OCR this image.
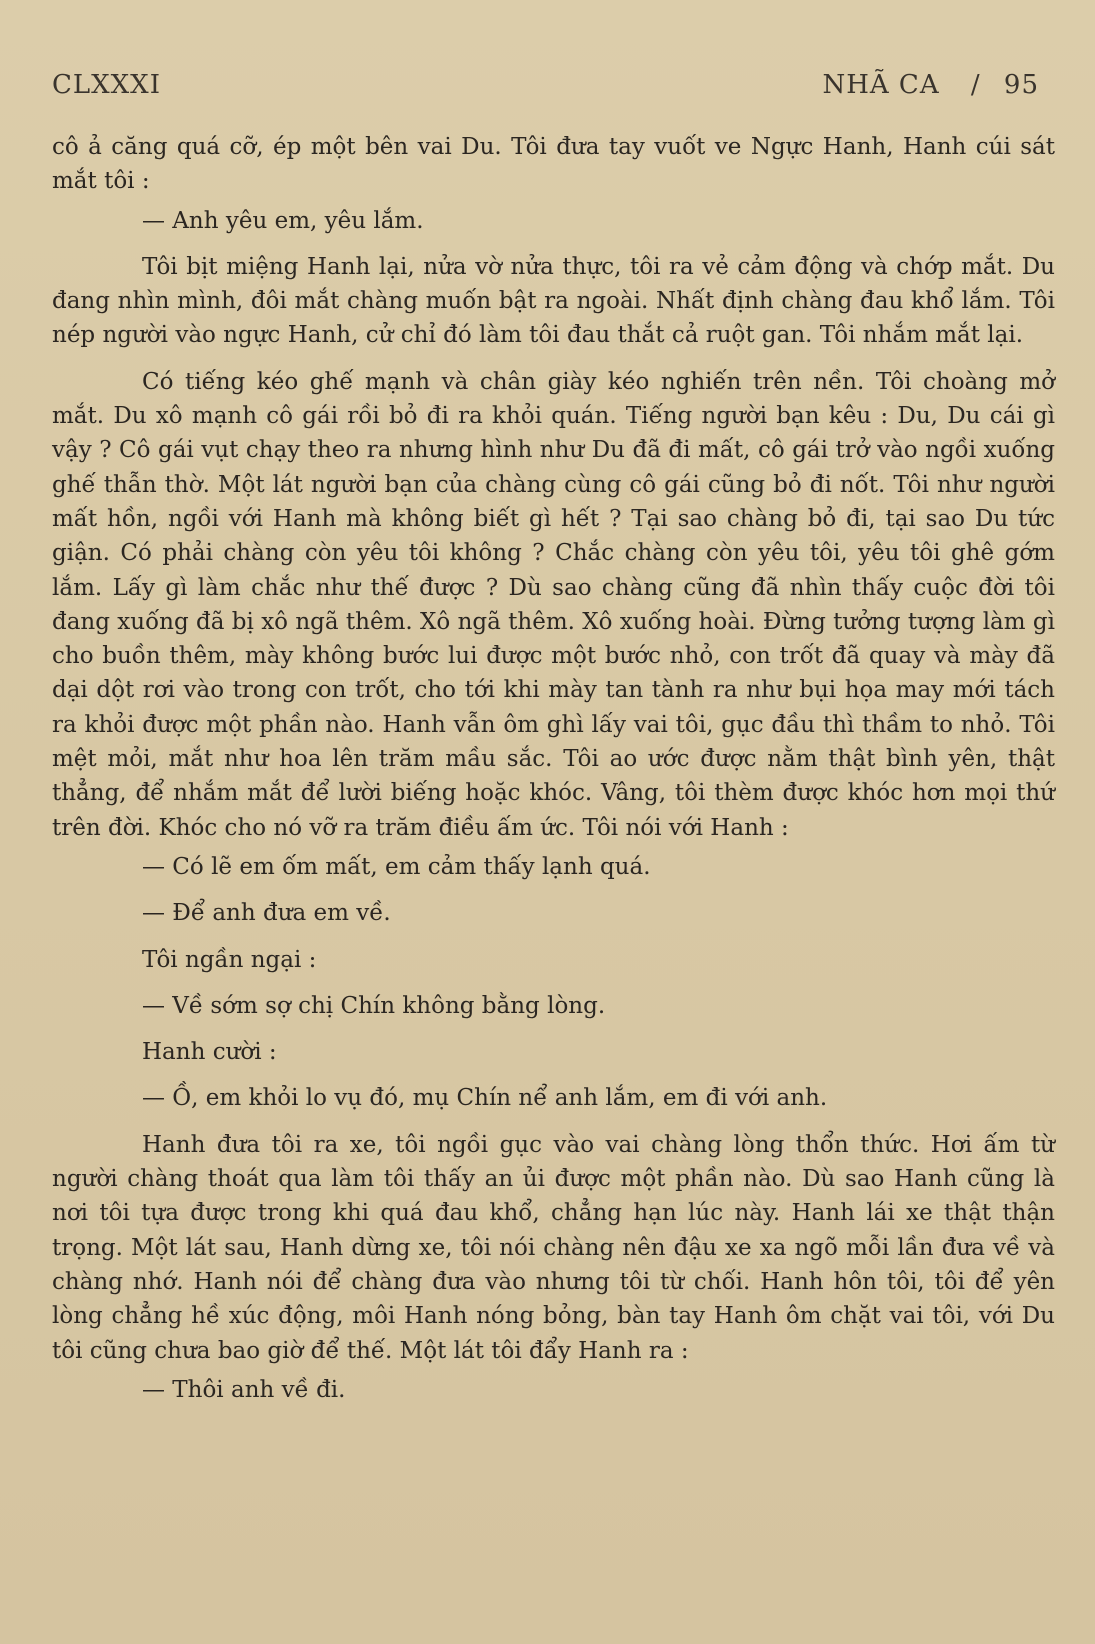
CLXXXI	NHÃ CA / 95

cô ả căng quá cỡ, ép một bên vai Du. Tôi đưa tay vuốt ve Ngực Hanh, Hanh cúi sát mắt tôi :

— Anh yêu em, yêu lắm.

Tôi bịt miệng Hanh lại, nửa vờ nửa thực, tôi ra vẻ cảm động và chớp mắt. Du đang nhìn mình, đôi mắt chàng muốn bật ra ngoài. Nhất định chàng đau khổ lắm. Tôi nép người vào ngực Hanh, cử chỉ đó làm tôi đau thắt cả ruột gan. Tôi nhắm mắt lại.

Có tiếng kéo ghế mạnh và chân giày kéo nghiến trên nền. Tôi choàng mở mắt. Du xô mạnh cô gái rồi bỏ đi ra khỏi quán. Tiếng người bạn kêu : Du, Du cái gì vậy ? Cô gái vụt chạy theo ra nhưng hình như Du đã đi mất, cô gái trở vào ngồi xuống ghế thẫn thờ. Một lát người bạn của chàng cùng cô gái cũng bỏ đi nốt. Tôi như người mất hồn, ngồi với Hanh mà không biết gì hết ? Tại sao chàng bỏ đi, tại sao Du tức giận. Có phải chàng còn yêu tôi không ? Chắc chàng còn yêu tôi, yêu tôi ghê gớm lắm. Lấy gì làm chắc như thế được ? Dù sao chàng cũng đã nhìn thấy cuộc đời tôi đang xuống đã bị xô ngã thêm. Xô ngã thêm. Xô xuống hoài. Đừng tưởng tượng làm gì cho buồn thêm, mày không bước lui được một bước nhỏ, con trốt đã quay và mày đã dại dột rơi vào trong con trốt, cho tới khi mày tan tành ra như bụi họa may mới tách ra khỏi được một phần nào. Hanh vẫn ôm ghì lấy vai tôi, gục đầu thì thầm to nhỏ. Tôi mệt mỏi, mắt như hoa lên trăm mầu sắc. Tôi ao ước được nằm thật bình yên, thật thẳng, để nhắm mắt để lười biếng hoặc khóc. Vâng, tôi thèm được khóc hơn mọi thứ trên đời. Khóc cho nó vỡ ra trăm điều ấm ức. Tôi nói với Hanh :

— Có lẽ em ốm mất, em cảm thấy lạnh quá.

— Để anh đưa em về.

Tôi ngần ngại :

— Về sớm sợ chị Chín không bằng lòng.

Hanh cười :

— Ồ, em khỏi lo vụ đó, mụ Chín nể anh lắm, em đi với anh.

Hanh đưa tôi ra xe, tôi ngồi gục vào vai chàng lòng thổn thức. Hơi ấm từ người chàng thoát qua làm tôi thấy an ủi được một phần nào. Dù sao Hanh cũng là nơi tôi tựa được trong khi quá đau khổ, chẳng hạn lúc này. Hanh lái xe thật thận trọng. Một lát sau, Hanh dừng xe, tôi nói chàng nên đậu xe xa ngõ mỗi lần đưa về và chàng nhớ. Hanh nói để chàng đưa vào nhưng tôi từ chối. Hanh hôn tôi, tôi để yên lòng chẳng hề xúc động, môi Hanh nóng bỏng, bàn tay Hanh ôm chặt vai tôi, với Du tôi cũng chưa bao giờ để thế. Một lát tôi đẩy Hanh ra :

— Thôi anh về đi.
